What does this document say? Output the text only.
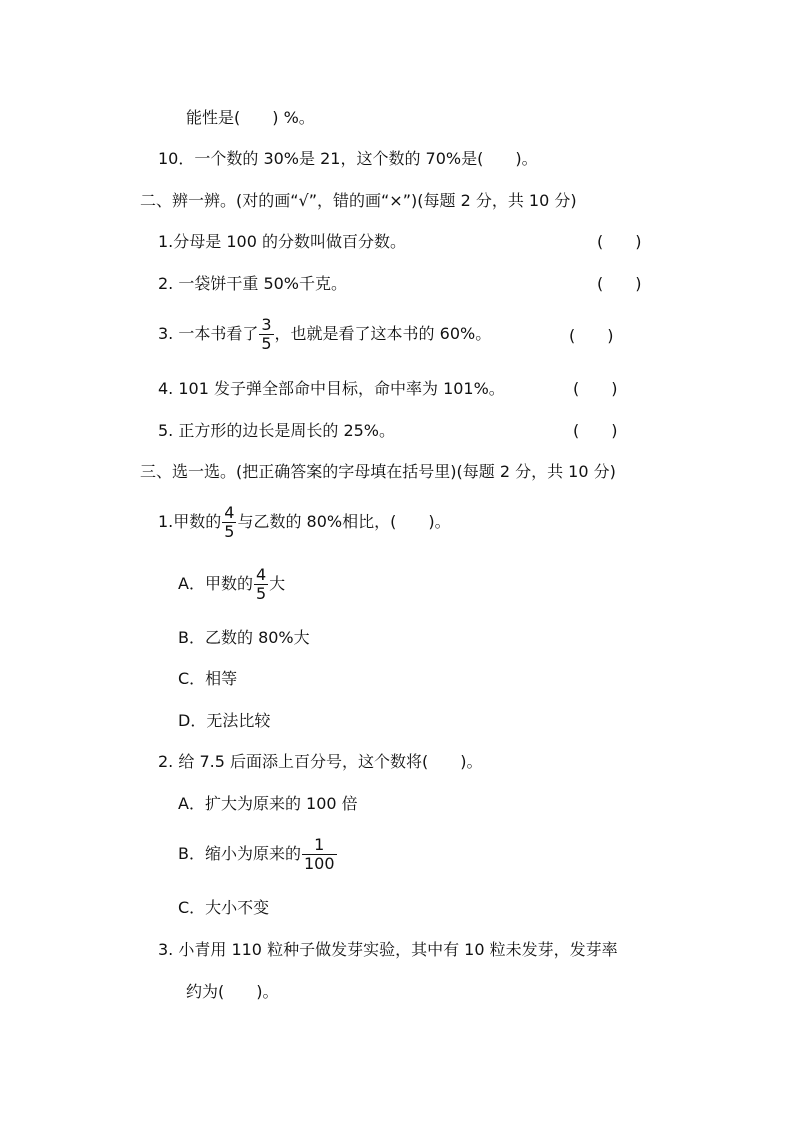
能性是(　　) %。
10．一个数的 30%是 21，这个数的 70%是(　　)。
二、辨一辨。(对的画“√”，错的画“×”)(每题 2 分，共 10 分)
1.分母是 100 的分数叫做百分数。	(　　)
2. 一袋饼干重 50%千克。	(　　)
3. 一本书看了 $\frac{3}{5}$ ，也就是看了这本书的 60%。	(　　)
4. 101 发子弹全部命中目标，命中率为 101%。	(　　)
5. 正方形的边长是周长的 25%。	(　　)
三、选一选。(把正确答案的字母填在括号里)(每题 2 分，共 10 分)
1.甲数的 $\frac{4}{5}$ 与乙数的 80%相比，(　　)。
A．甲数的 $\frac{4}{5}$ 大
B．乙数的 80%大
C．相等
D．无法比较
2. 给 7.5 后面添上百分号，这个数将(　　)。
A．扩大为原来的 100 倍
B．缩小为原来的 $\frac{1}{100}$
C．大小不变
3. 小青用 110 粒种子做发芽实验，其中有 10 粒未发芽，发芽率
约为(　　)。
